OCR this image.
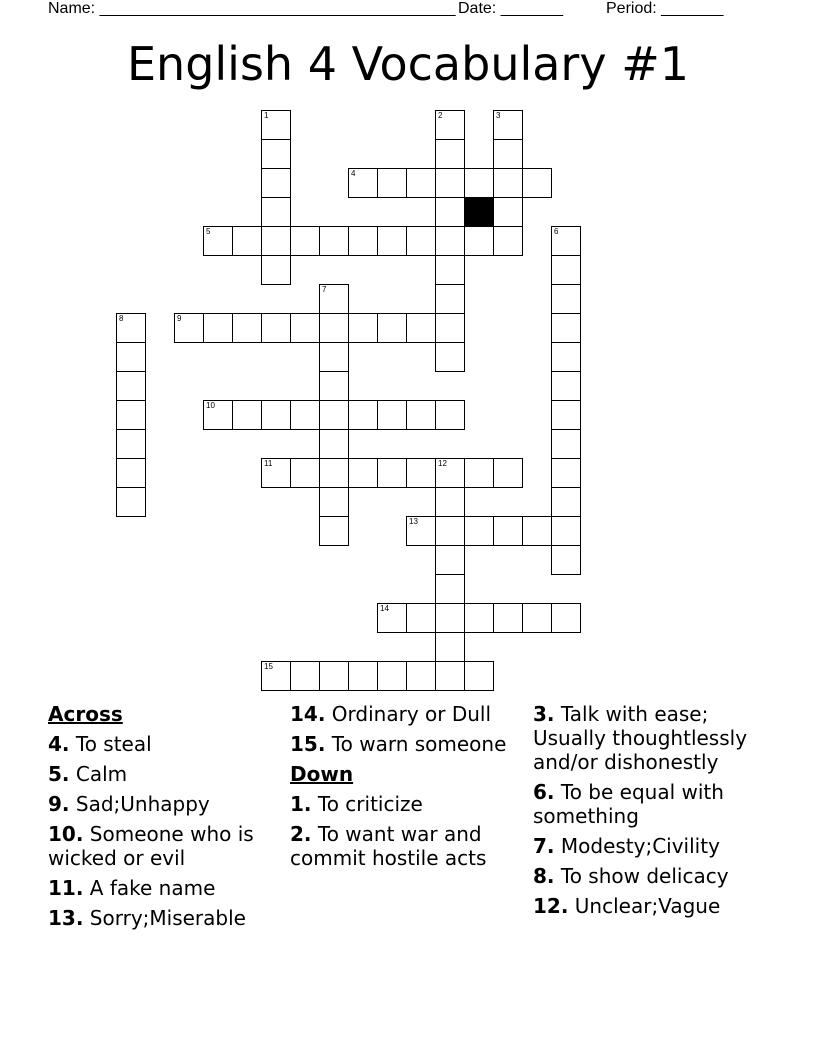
Name: ________________________________________ Date: _______	Period: _______
English 4 Vocabulary #1
1	2	3
4
5	6
7
8	9
10
11	12
13
14
15
Across
4. To steal
5. Calm
9. Sad;Unhappy
10. Someone who is wicked or evil
11. A fake name
13. Sorry;Miserable
14. Ordinary or Dull
15. To warn someone
Down
1. To criticize
2. To want war and commit hostile acts
3. Talk with ease; Usually thoughtlessly and/or dishonestly
6. To be equal with something
7. Modesty;Civility
8. To show delicacy
12. Unclear;Vague
